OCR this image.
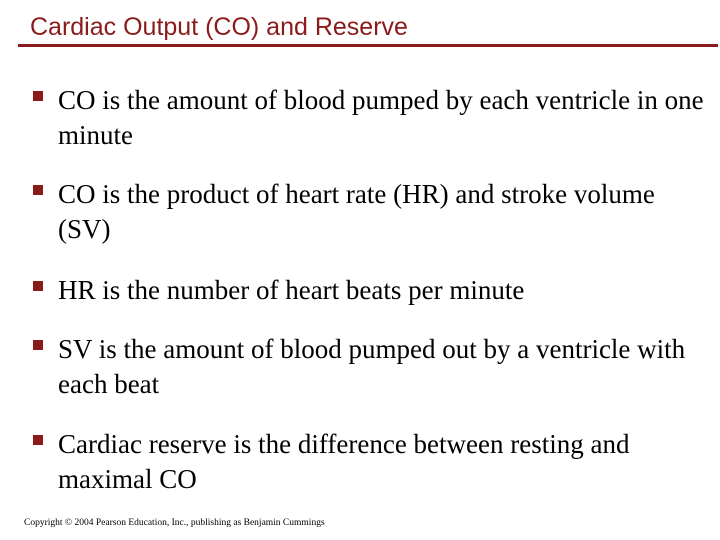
Cardiac Output (CO) and Reserve
CO is the amount of blood pumped by each ventricle in one minute
CO is the product of heart rate (HR) and stroke volume (SV)
HR is the number of heart beats per minute
SV is the amount of blood pumped out by a ventricle with each beat
Cardiac reserve is the difference between resting and maximal CO
Copyright © 2004 Pearson Education, Inc., publishing as Benjamin Cummings
